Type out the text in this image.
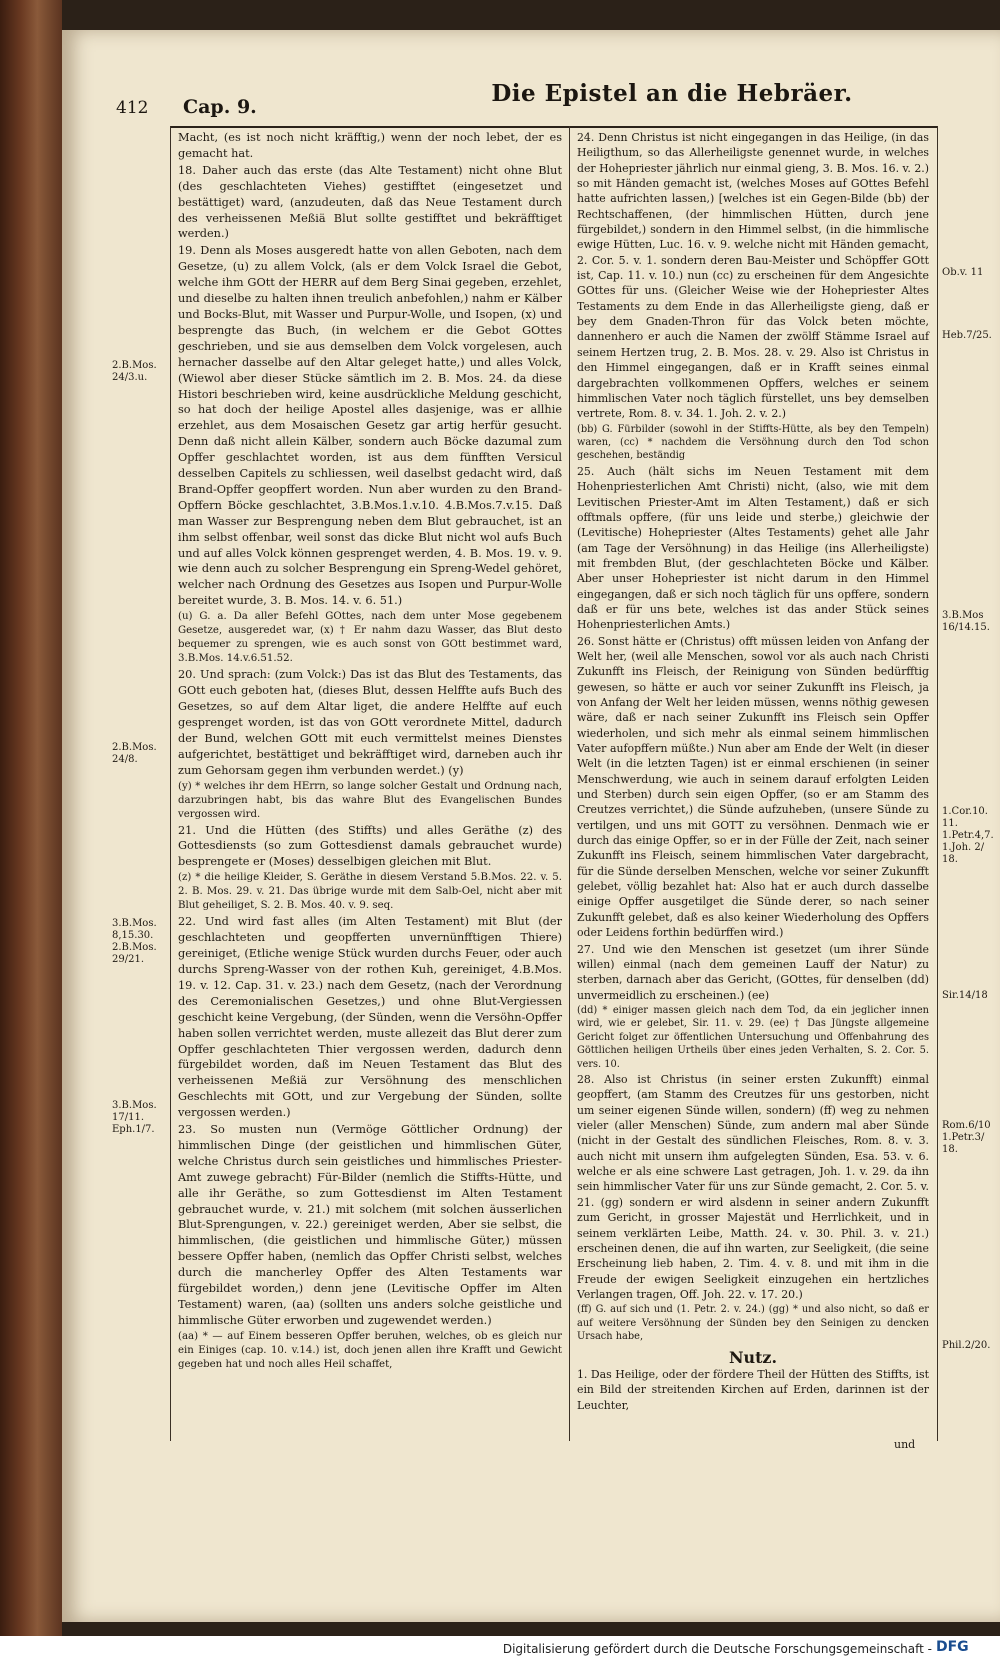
412 Cap. 9.	Die Epistel an die Hebräer.

Macht, (es ist noch nicht kräfftig,) wenn der noch lebet, der es gemacht hat.

18. Daher auch das erste (das Alte Testament) nicht ohne Blut (des geschlachteten Viehes) gestifftet (eingesetzet und bestättiget) ward, (anzudeuten, daß das Neue Testament durch des verheissenen Meßiä Blut sollte gestifftet und bekräfftiget werden.)

19. Denn als Moses ausgeredt hatte von allen Geboten, nach dem Gesetze, (u) zu allem Volck, (als er dem Volck Israel die Gebot, welche ihm GOtt der HERR auf dem Berg Sinai gegeben, erzehlet, und dieselbe zu halten ihnen treulich anbefohlen,) nahm er Kälber und Bocks-Blut, mit Wasser und Purpur-Wolle, und Isopen, (x) und besprengte das Buch, (in welchem er die Gebot GOttes geschrieben, und sie aus demselben dem Volck vorgelesen, auch hernacher dasselbe auf den Altar geleget hatte,) und alles Volck, (Wiewol aber dieser Stücke sämtlich im 2. B. Mos. 24. da diese Histori beschrieben wird, keine ausdrückliche Meldung geschicht, so hat doch der heilige Apostel alles dasjenige, was er allhie erzehlet, aus dem Mosaischen Gesetz gar artig herfür gesucht. Denn daß nicht allein Kälber, sondern auch Böcke dazumal zum Opffer geschlachtet worden, ist aus dem fünfften Versicul desselben Capitels zu schliessen, weil daselbst gedacht wird, daß Brand-Opffer geopffert worden. Nun aber wurden zu den Brand-Opffern Böcke geschlachtet, 3.B.Mos.1.v.10. 4.B.Mos.7.v.15. Daß man Wasser zur Besprengung neben dem Blut gebrauchet, ist an ihm selbst offenbar, weil sonst das dicke Blut nicht wol aufs Buch und auf alles Volck können gesprenget werden, 4. B. Mos. 19. v. 9. wie denn auch zu solcher Besprengung ein Spreng-Wedel gehöret, welcher nach Ordnung des Gesetzes aus Isopen und Purpur-Wolle bereitet wurde, 3. B. Mos. 14. v. 6. 51.)

(u) G. a. Da aller Befehl GOttes, nach dem unter Mose gegebenem Gesetze, ausgeredet war, (x) † Er nahm dazu Wasser, das Blut desto bequemer zu sprengen, wie es auch sonst von GOtt bestimmet ward, 3.B.Mos. 14.v.6.51.52.

20. Und sprach: (zum Volck:) Das ist das Blut des Testaments, das GOtt euch geboten hat, (dieses Blut, dessen Helffte aufs Buch des Gesetzes, so auf dem Altar liget, die andere Helffte auf euch gesprenget worden, ist das von GOtt verordnete Mittel, dadurch der Bund, welchen GOtt mit euch vermittelst meines Dienstes aufgerichtet, bestättiget und bekräfftiget wird, darneben auch ihr zum Gehorsam gegen ihm verbunden werdet.) (y)

(y) * welches ihr dem HErrn, so lange solcher Gestalt und Ordnung nach, darzubringen habt, bis das wahre Blut des Evangelischen Bundes vergossen wird.

21. Und die Hütten (des Stiffts) und alles Geräthe (z) des Gottesdiensts (so zum Gottesdienst damals gebrauchet wurde) besprengete er (Moses) desselbigen gleichen mit Blut.

(z) * die heilige Kleider, S. Geräthe in diesem Verstand 5.B.Mos. 22. v. 5. 2. B. Mos. 29. v. 21. Das übrige wurde mit dem Salb-Oel, nicht aber mit Blut geheiliget, S. 2. B. Mos. 40. v. 9. seq.

22. Und wird fast alles (im Alten Testament) mit Blut (der geschlachteten und geopfferten unvernünfftigen Thiere) gereiniget, (Etliche wenige Stück wurden durchs Feuer, oder auch durchs Spreng-Wasser von der rothen Kuh, gereiniget, 4.B.Mos. 19. v. 12. Cap. 31. v. 23.) nach dem Gesetz, (nach der Verordnung des Ceremonialischen Gesetzes,) und ohne Blut-Vergiessen geschicht keine Vergebung, (der Sünden, wenn die Versöhn-Opffer haben sollen verrichtet werden, muste allezeit das Blut derer zum Opffer geschlachteten Thier vergossen werden, dadurch denn fürgebildet worden, daß im Neuen Testament das Blut des verheissenen Meßiä zur Versöhnung des menschlichen Geschlechts mit GOtt, und zur Vergebung der Sünden, sollte vergossen werden.)

23. So musten nun (Vermöge Göttlicher Ordnung) der himmlischen Dinge (der geistlichen und himmlischen Güter, welche Christus durch sein geistliches und himmlisches Priester-Amt zuwege gebracht) Für-Bilder (nemlich die Stiffts-Hütte, und alle ihr Geräthe, so zum Gottesdienst im Alten Testament gebrauchet wurde, v. 21.) mit solchem (mit solchen äusserlichen Blut-Sprengungen, v. 22.) gereiniget werden, Aber sie selbst, die himmlischen, (die geistlichen und himmlische Güter,) müssen bessere Opffer haben, (nemlich das Opffer Christi selbst, welches durch die mancherley Opffer des Alten Testaments war fürgebildet worden,) denn jene (Levitische Opffer im Alten Testament) waren, (aa) (sollten uns anders solche geistliche und himmlische Güter erworben und zugewendet werden.)

(aa) * — auf Einem besseren Opffer beruhen, welches, ob es gleich nur ein Einiges (cap. 10. v.14.) ist, doch jenen allen ihre Krafft und Gewicht gegeben hat und noch alles Heil schaffet,

24. Denn Christus ist nicht eingegangen in das Heilige, (in das Heiligthum, so das Allerheiligste genennet wurde, in welches der Hohepriester jährlich nur einmal gieng, 3. B. Mos. 16. v. 2.) so mit Händen gemacht ist, (welches Moses auf GOttes Befehl hatte aufrichten lassen,) [welches ist ein Gegen-Bilde (bb) der Rechtschaffenen, (der himmlischen Hütten, durch jene fürgebildet,) sondern in den Himmel selbst, (in die himmlische ewige Hütten, Luc. 16. v. 9. welche nicht mit Händen gemacht, 2. Cor. 5. v. 1. sondern deren Bau-Meister und Schöpffer GOtt ist, Cap. 11. v. 10.) nun (cc) zu erscheinen für dem Angesichte GOttes für uns. (Gleicher Weise wie der Hohepriester Altes Testaments zu dem Ende in das Allerheiligste gieng, daß er bey dem Gnaden-Thron für das Volck beten möchte, dannenhero er auch die Namen der zwölff Stämme Israel auf seinem Hertzen trug, 2. B. Mos. 28. v. 29. Also ist Christus in den Himmel eingegangen, daß er in Krafft seines einmal dargebrachten vollkommenen Opffers, welches er seinem himmlischen Vater noch täglich fürstellet, uns bey demselben vertrete, Rom. 8. v. 34. 1. Joh. 2. v. 2.)

(bb) G. Fürbilder (sowohl in der Stiffts-Hütte, als bey den Tempeln) waren, (cc) * nachdem die Versöhnung durch den Tod schon geschehen, beständig

25. Auch (hält sichs im Neuen Testament mit dem Hohenpriesterlichen Amt Christi) nicht, (also, wie mit dem Levitischen Priester-Amt im Alten Testament,) daß er sich offtmals opffere, (für uns leide und sterbe,) gleichwie der (Levitische) Hohepriester (Altes Testaments) gehet alle Jahr (am Tage der Versöhnung) in das Heilige (ins Allerheiligste) mit frembden Blut, (der geschlachteten Böcke und Kälber. Aber unser Hohepriester ist nicht darum in den Himmel eingegangen, daß er sich noch täglich für uns opffere, sondern daß er für uns bete, welches ist das ander Stück seines Hohenpriesterlichen Amts.)

26. Sonst hätte er (Christus) offt müssen leiden von Anfang der Welt her, (weil alle Menschen, sowol vor als auch nach Christi Zukunfft ins Fleisch, der Reinigung von Sünden bedürfftig gewesen, so hätte er auch vor seiner Zukunfft ins Fleisch, ja von Anfang der Welt her leiden müssen, wenns nöthig gewesen wäre, daß er nach seiner Zukunfft ins Fleisch sein Opffer wiederholen, und sich mehr als einmal seinem himmlischen Vater aufopffern müßte.) Nun aber am Ende der Welt (in dieser Welt (in die letzten Tagen) ist er einmal erschienen (in seiner Menschwerdung, wie auch in seinem darauf erfolgten Leiden und Sterben) durch sein eigen Opffer, (so er am Stamm des Creutzes verrichtet,) die Sünde aufzuheben, (unsere Sünde zu vertilgen, und uns mit GOTT zu versöhnen. Denmach wie er durch das einige Opffer, so er in der Fülle der Zeit, nach seiner Zukunfft ins Fleisch, seinem himmlischen Vater dargebracht, für die Sünde derselben Menschen, welche vor seiner Zukunfft gelebet, völlig bezahlet hat: Also hat er auch durch dasselbe einige Opffer ausgetilget die Sünde derer, so nach seiner Zukunfft gelebet, daß es also keiner Wiederholung des Opffers oder Leidens forthin bedürffen wird.)

27. Und wie den Menschen ist gesetzet (um ihrer Sünde willen) einmal (nach dem gemeinen Lauff der Natur) zu sterben, darnach aber das Gericht, (GOttes, für denselben (dd) unvermeidlich zu erscheinen.) (ee)

(dd) * einiger massen gleich nach dem Tod, da ein jeglicher innen wird, wie er gelebet, Sir. 11. v. 29. (ee) † Das Jüngste allgemeine Gericht folget zur öffentlichen Untersuchung und Offenbahrung des Göttlichen heiligen Urtheils über eines jeden Verhalten, S. 2. Cor. 5. vers. 10.

28. Also ist Christus (in seiner ersten Zukunfft) einmal geopffert, (am Stamm des Creutzes für uns gestorben, nicht um seiner eigenen Sünde willen, sondern) (ff) weg zu nehmen vieler (aller Menschen) Sünde, zum andern mal aber Sünde (nicht in der Gestalt des sündlichen Fleisches, Rom. 8. v. 3. auch nicht mit unsern ihm aufgelegten Sünden, Esa. 53. v. 6. welche er als eine schwere Last getragen, Joh. 1. v. 29. da ihn sein himmlischer Vater für uns zur Sünde gemacht, 2. Cor. 5. v. 21. (gg) sondern er wird alsdenn in seiner andern Zukunfft zum Gericht, in grosser Majestät und Herrlichkeit, und in seinem verklärten Leibe, Matth. 24. v. 30. Phil. 3. v. 21.) erscheinen denen, die auf ihn warten, zur Seeligkeit, (die seine Erscheinung lieb haben, 2. Tim. 4. v. 8. und mit ihm in die Freude der ewigen Seeligkeit einzugehen ein hertzliches Verlangen tragen, Off. Joh. 22. v. 17. 20.)

(ff) G. auf sich und (1. Petr. 2. v. 24.) (gg) * und also nicht, so daß er auf weitere Versöhnung der Sünden bey den Seinigen zu dencken Ursach habe,

Nutz.

1. Das Heilige, oder der fördere Theil der Hütten des Stiffts, ist ein Bild der streitenden Kirchen auf Erden, darinnen ist der Leuchter,

2.B.Mos. 24/3.u.
2.B.Mos. 24/8.
3.B.Mos. 8,15.30. 2.B.Mos. 29/21.
3.B.Mos. 17/11. Eph.1/7.
Ob.v. 11
Heb.7/25.
3.B.Mos 16/14.15.
1.Cor.10. 11. 1.Petr.4,7. 1.Joh. 2/ 18.
Sir.14/18
Rom.6/10 1.Petr.3/ 18.
Phil.2/20.
und
Digitalisierung gefördert durch die Deutsche Forschungsgemeinschaft - DFG
